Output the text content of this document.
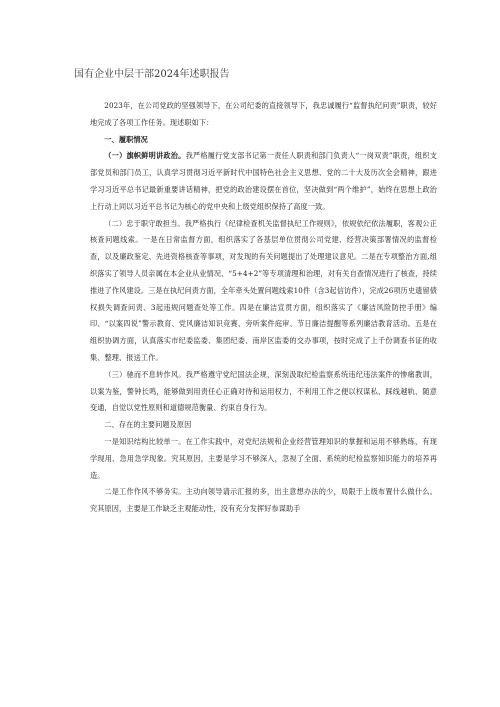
国有企业中层干部2024年述职报告

2023年，在公司党政的坚强领导下，在公司纪委的直接领导下，我忠诚履行“监督执纪问责”职责，较好地完成了各项工作任务。现述职如下：

一、履职情况

（一）旗帜鲜明讲政治。我严格履行党支部书记第一责任人职责和部门负责人“一岗双责”职责，组织支部党员和部门员工，认真学习贯彻习近平新时代中国特色社会主义思想、党的二十大及历次全会精神，跟进学习习近平总书记最新重要讲话精神，把党的政治建设摆在首位，坚决做到“两个维护”，始终在思想上政治上行动上同以习近平总书记为核心的党中央和上级党组织保持了高度一致。

（二）忠于职守敢担当。我严格执行《纪律检查机关监督执纪工作规则》，依规依纪依法履职，客观公正核查问题线索。一是在日常监督方面，组织落实了各基层单位贯彻公司党建、经营决策部署情况的监督检查，以及廉政鉴定、先进资格核查等事项，对发现的有关问题提出了处理建议意见。二是在专项整治方面,组织落实了领导人员亲属在本企业从业情况、“5+4+2”等专项清理和治理，对有关自查情况进行了核查，持续推进了作风建设。三是在执纪问责方面，全年牵头处置问题线索10件（含3起信访件），完成26项历史遗留债权损失调查问责、3起违规问题查处等工作。四是在廉洁宣贯方面，组织落实了《廉洁风险防控手册》编印、“以案四说”警示教育、党风廉洁知识竞赛、旁听案件庭审、节日廉洁提醒等系列廉洁教育活动。五是在组织协调方面，认真落实市纪委监委、集团纪委、南岸区监委的交办事项，按时完成了上千份调查书证的收集、整理、报送工作。

（三）驰而不息转作风。我严格遵守党纪国法企规，深刻汲取纪检监察系统违纪违法案件的惨痛教训，以案为鉴，警钟长鸣，能够做到用责任心正确对待和运用权力，不利用工作之便以权谋私、踩线越轨、随意变通，自觉以党性原则和道德规范衡量、约束自身行为。

二、存在的主要问题及原因

一是知识结构比较单一。在工作实践中，对党纪法规和企业经营管理知识的掌握和运用不够熟练，有现学现用、急用急学现象。究其原因，主要是学习不够深入，忽视了全面、系统的纪检监察知识能力的培养再造。

二是工作作风不够务实。主动向领导请示汇报的多，出主意想办法的少，局限于上级布置什么做什么。究其原因，主要是工作缺乏主观能动性，没有充分发挥好参谋助手
